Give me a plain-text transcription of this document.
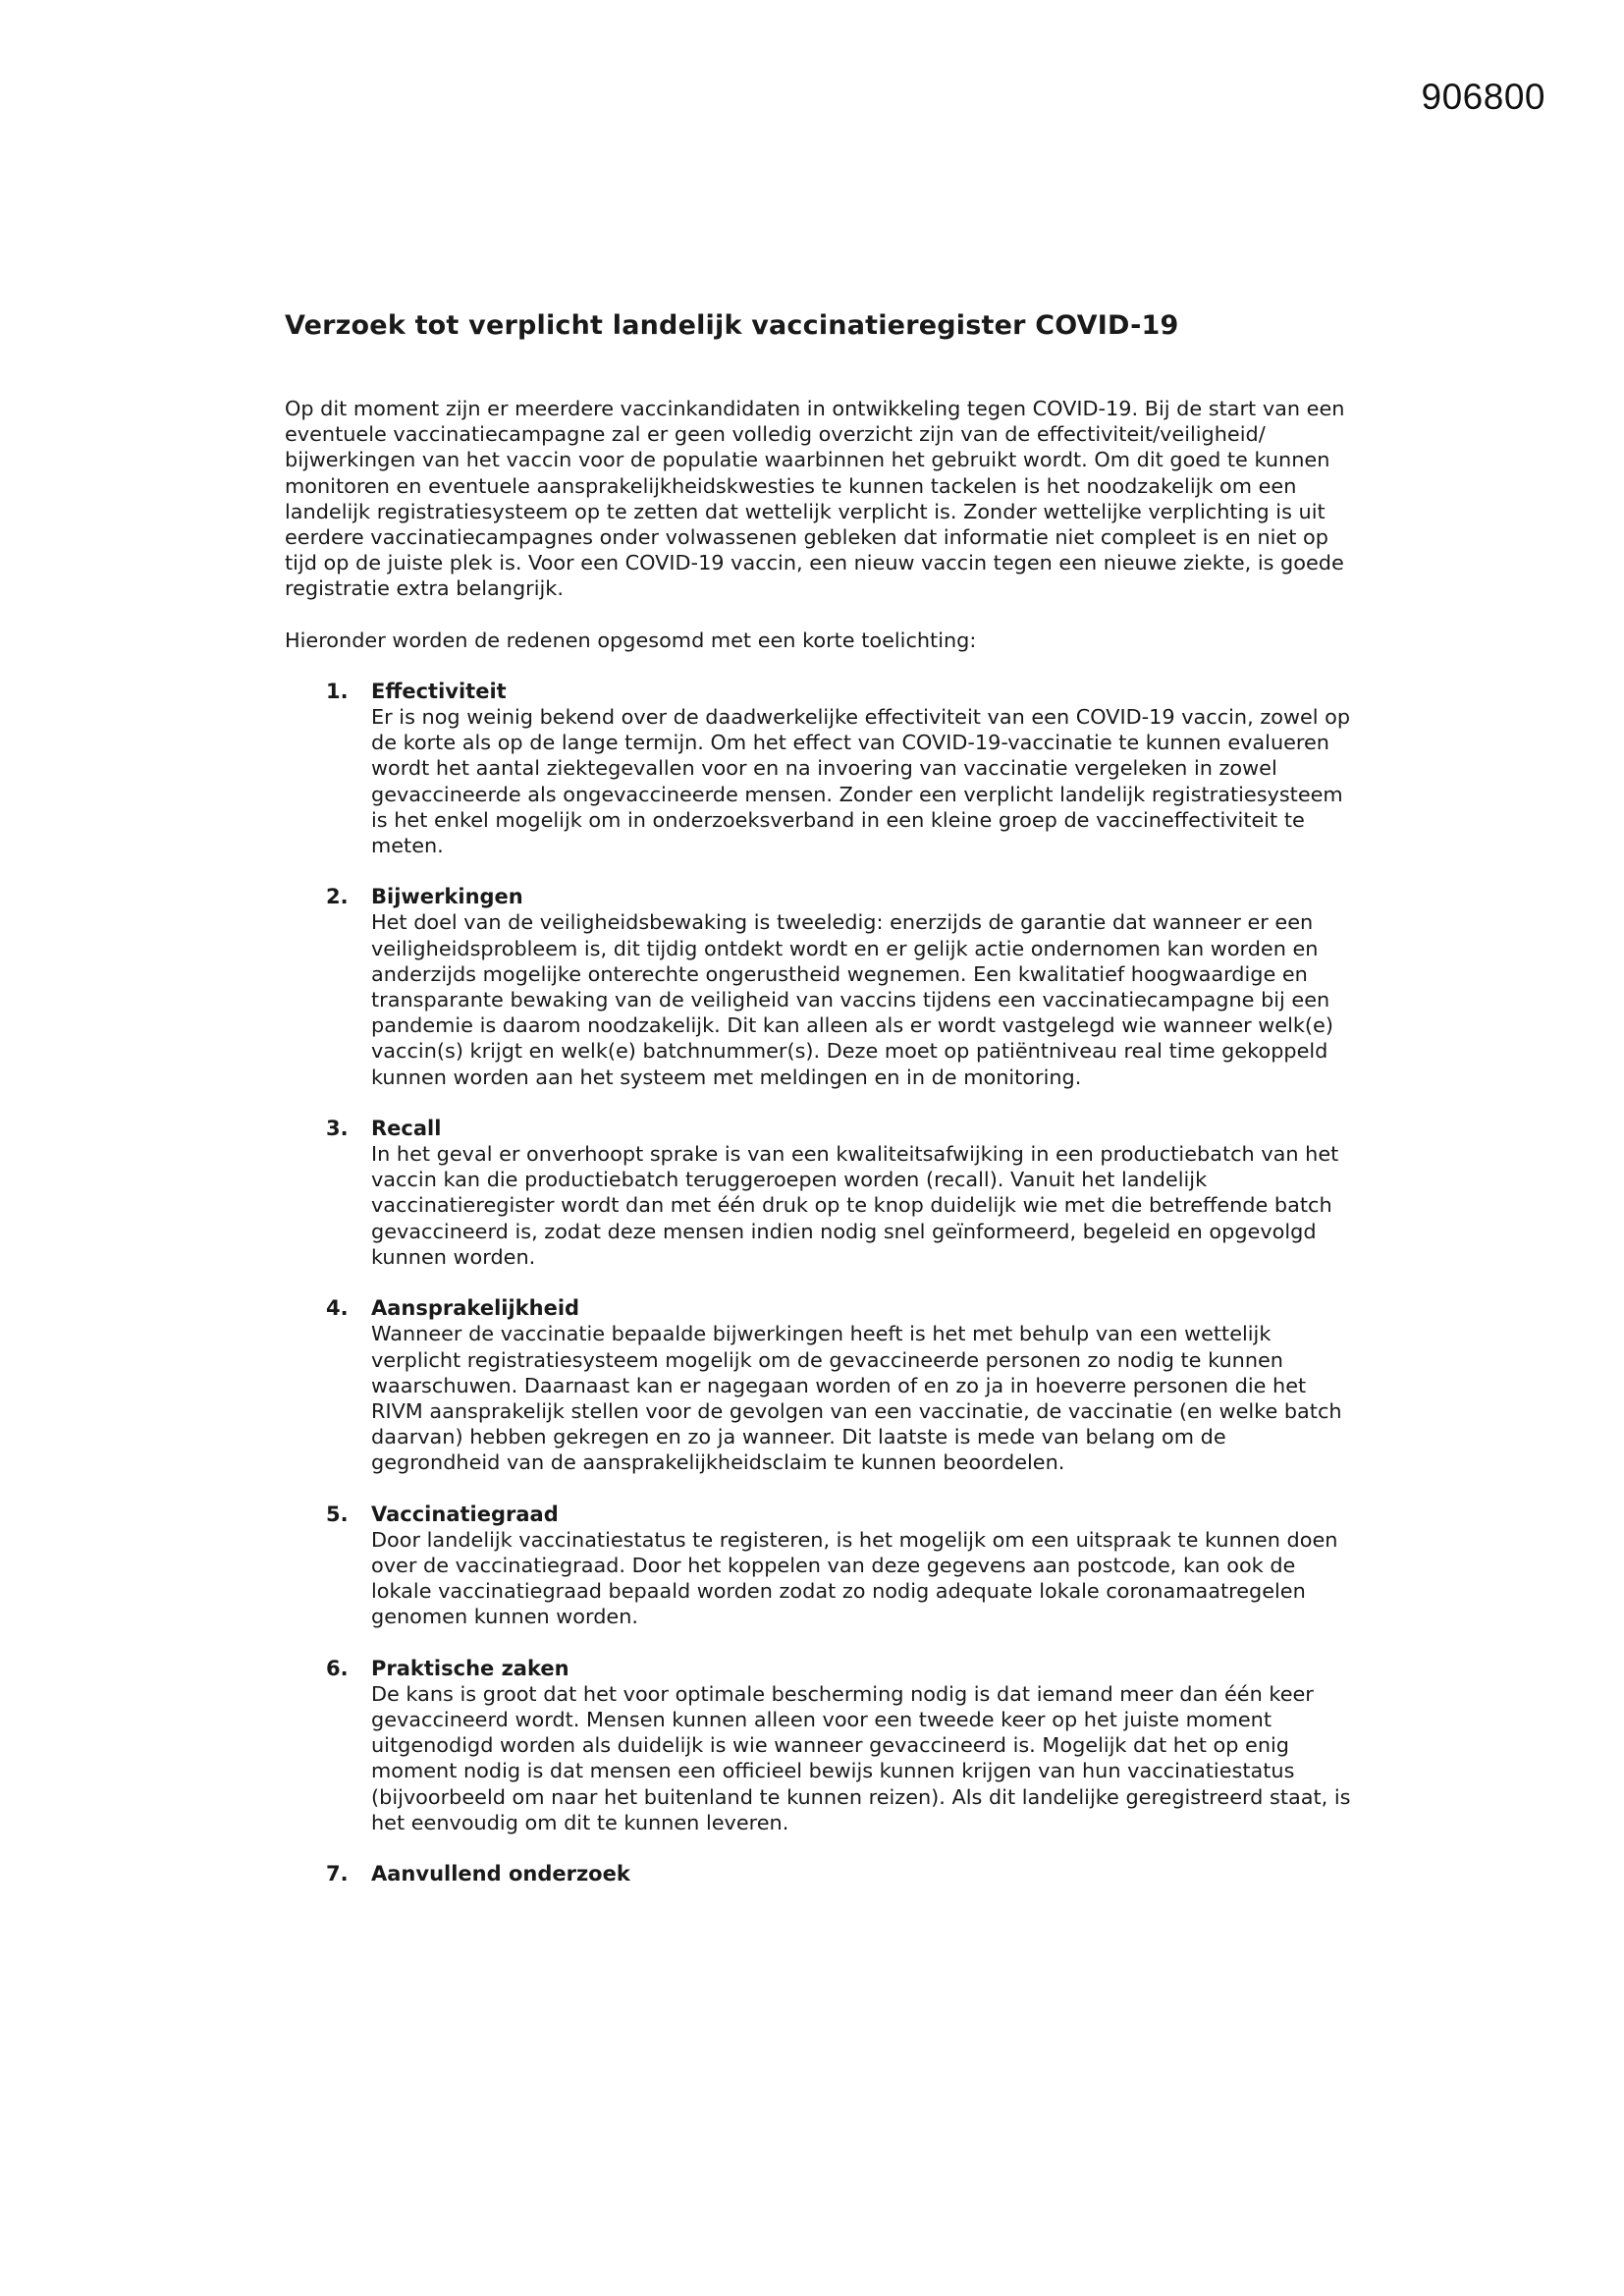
906800
Verzoek tot verplicht landelijk vaccinatieregister COVID-19

Op dit moment zijn er meerdere vaccinkandidaten in ontwikkeling tegen COVID-19. Bij de start van een eventuele vaccinatiecampagne zal er geen volledig overzicht zijn van de effectiviteit/veiligheid/ bijwerkingen van het vaccin voor de populatie waarbinnen het gebruikt wordt. Om dit goed te kunnen monitoren en eventuele aansprakelijkheidskwesties te kunnen tackelen is het noodzakelijk om een landelijk registratiesysteem op te zetten dat wettelijk verplicht is. Zonder wettelijke verplichting is uit eerdere vaccinatiecampagnes onder volwassenen gebleken dat informatie niet compleet is en niet op tijd op de juiste plek is. Voor een COVID-19 vaccin, een nieuw vaccin tegen een nieuwe ziekte, is goede registratie extra belangrijk.

Hieronder worden de redenen opgesomd met een korte toelichting:

1. Effectiviteit
Er is nog weinig bekend over de daadwerkelijke effectiviteit van een COVID-19 vaccin, zowel op de korte als op de lange termijn. Om het effect van COVID-19-vaccinatie te kunnen evalueren wordt het aantal ziektegevallen voor en na invoering van vaccinatie vergeleken in zowel gevaccineerde als ongevaccineerde mensen. Zonder een verplicht landelijk registratiesysteem is het enkel mogelijk om in onderzoeksverband in een kleine groep de vaccineffectiviteit te meten.
2. Bijwerkingen
Het doel van de veiligheidsbewaking is tweeledig: enerzijds de garantie dat wanneer er een veiligheidsprobleem is, dit tijdig ontdekt wordt en er gelijk actie ondernomen kan worden en anderzijds mogelijke onterechte ongerustheid wegnemen. Een kwalitatief hoogwaardige en transparante bewaking van de veiligheid van vaccins tijdens een vaccinatiecampagne bij een pandemie is daarom noodzakelijk. Dit kan alleen als er wordt vastgelegd wie wanneer welk(e) vaccin(s) krijgt en welk(e) batchnummer(s). Deze moet op patiëntniveau real time gekoppeld kunnen worden aan het systeem met meldingen en in de monitoring.
3. Recall
In het geval er onverhoopt sprake is van een kwaliteitsafwijking in een productiebatch van het vaccin kan die productiebatch teruggeroepen worden (recall). Vanuit het landelijk vaccinatieregister wordt dan met één druk op te knop duidelijk wie met die betreffende batch gevaccineerd is, zodat deze mensen indien nodig snel geïnformeerd, begeleid en opgevolgd kunnen worden.
4. Aansprakelijkheid
Wanneer de vaccinatie bepaalde bijwerkingen heeft is het met behulp van een wettelijk verplicht registratiesysteem mogelijk om de gevaccineerde personen zo nodig te kunnen waarschuwen. Daarnaast kan er nagegaan worden of en zo ja in hoeverre personen die het RIVM aansprakelijk stellen voor de gevolgen van een vaccinatie, de vaccinatie (en welke batch daarvan) hebben gekregen en zo ja wanneer. Dit laatste is mede van belang om de gegrondheid van de aansprakelijkheidsclaim te kunnen beoordelen.
5. Vaccinatiegraad
Door landelijk vaccinatiestatus te registeren, is het mogelijk om een uitspraak te kunnen doen over de vaccinatiegraad. Door het koppelen van deze gegevens aan postcode, kan ook de lokale vaccinatiegraad bepaald worden zodat zo nodig adequate lokale coronamaatregelen genomen kunnen worden.
6. Praktische zaken
De kans is groot dat het voor optimale bescherming nodig is dat iemand meer dan één keer gevaccineerd wordt. Mensen kunnen alleen voor een tweede keer op het juiste moment uitgenodigd worden als duidelijk is wie wanneer gevaccineerd is. Mogelijk dat het op enig moment nodig is dat mensen een officieel bewijs kunnen krijgen van hun vaccinatiestatus (bijvoorbeeld om naar het buitenland te kunnen reizen). Als dit landelijke geregistreerd staat, is het eenvoudig om dit te kunnen leveren.
7. Aanvullend onderzoek
